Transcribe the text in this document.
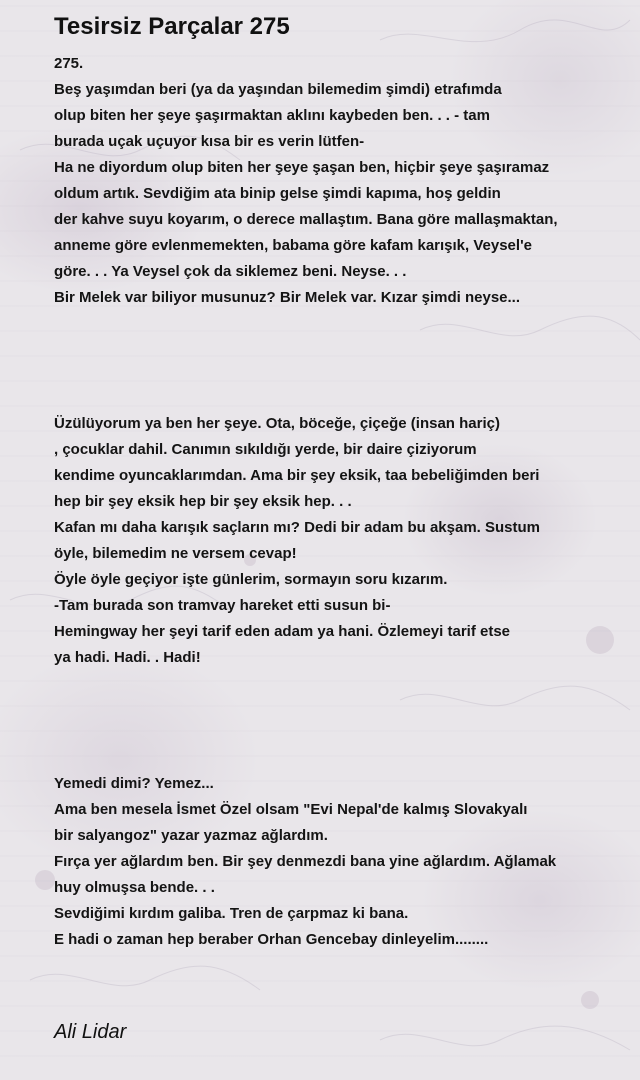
Tesirsiz Parçalar 275
275.
Beş yaşımdan beri (ya da yaşından bilemedim şimdi) etrafımda
olup biten her şeye şaşırmaktan aklını kaybeden ben. . . - tam
burada uçak uçuyor kısa bir es verin lütfen-
Ha ne diyordum olup biten her şeye şaşan ben, hiçbir şeye şaşıramaz
oldum artık. Sevdiğim ata binip gelse şimdi kapıma, hoş geldin
der kahve suyu koyarım, o derece mallaştım. Bana göre mallaşmaktan,
anneme göre evlenmemekten, babama göre kafam karışık, Veysel'e
göre. . . Ya Veysel çok da siklemez beni. Neyse. . .
Bir Melek var biliyor musunuz? Bir Melek var. Kızar şimdi neyse...
Üzülüyorum ya ben her şeye. Ota, böceğe, çiçeğe (insan hariç)
, çocuklar dahil. Canımın sıkıldığı yerde, bir daire çiziyorum
kendime oyuncaklarımdan. Ama bir şey eksik, taa bebeliğimden beri
hep bir şey eksik hep bir şey eksik hep. . .
Kafan mı daha karışık saçların mı? Dedi bir adam bu akşam. Sustum
öyle, bilemedim ne versem cevap!
Öyle öyle geçiyor işte günlerim, sormayın soru kızarım.
-Tam burada son tramvay hareket etti susun bi-
Hemingway her şeyi tarif eden adam ya hani. Özlemeyi tarif etse
ya hadi. Hadi. . Hadi!
Yemedi dimi? Yemez...
Ama ben mesela İsmet Özel olsam "Evi Nepal'de kalmış Slovakyalı
bir salyangoz" yazar yazmaz ağlardım.
Fırça yer ağlardım ben. Bir şey denmezdi bana yine ağlardım. Ağlamak
huy olmuşsa bende. . .
Sevdiğimi kırdım galiba. Tren de çarpmaz ki bana.
E hadi o zaman hep beraber Orhan Gencebay dinleyelim........
Ali Lidar
